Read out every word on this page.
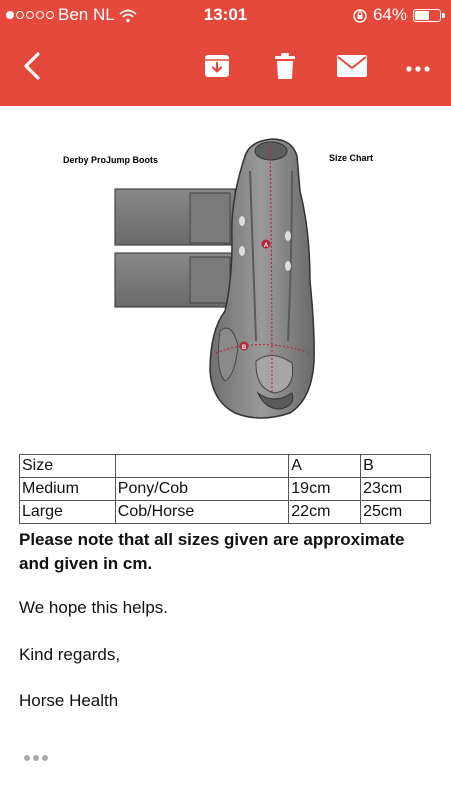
Ben NL	13:01	64%
Derby ProJump Boots	Size Chart
A
B
Size		A	B
Medium	Pony/Cob	19cm	23cm
Large	Cob/Horse	22cm	25cm
Please note that all sizes given are approximate and given in cm.
We hope this helps.
Kind regards,
Horse Health
